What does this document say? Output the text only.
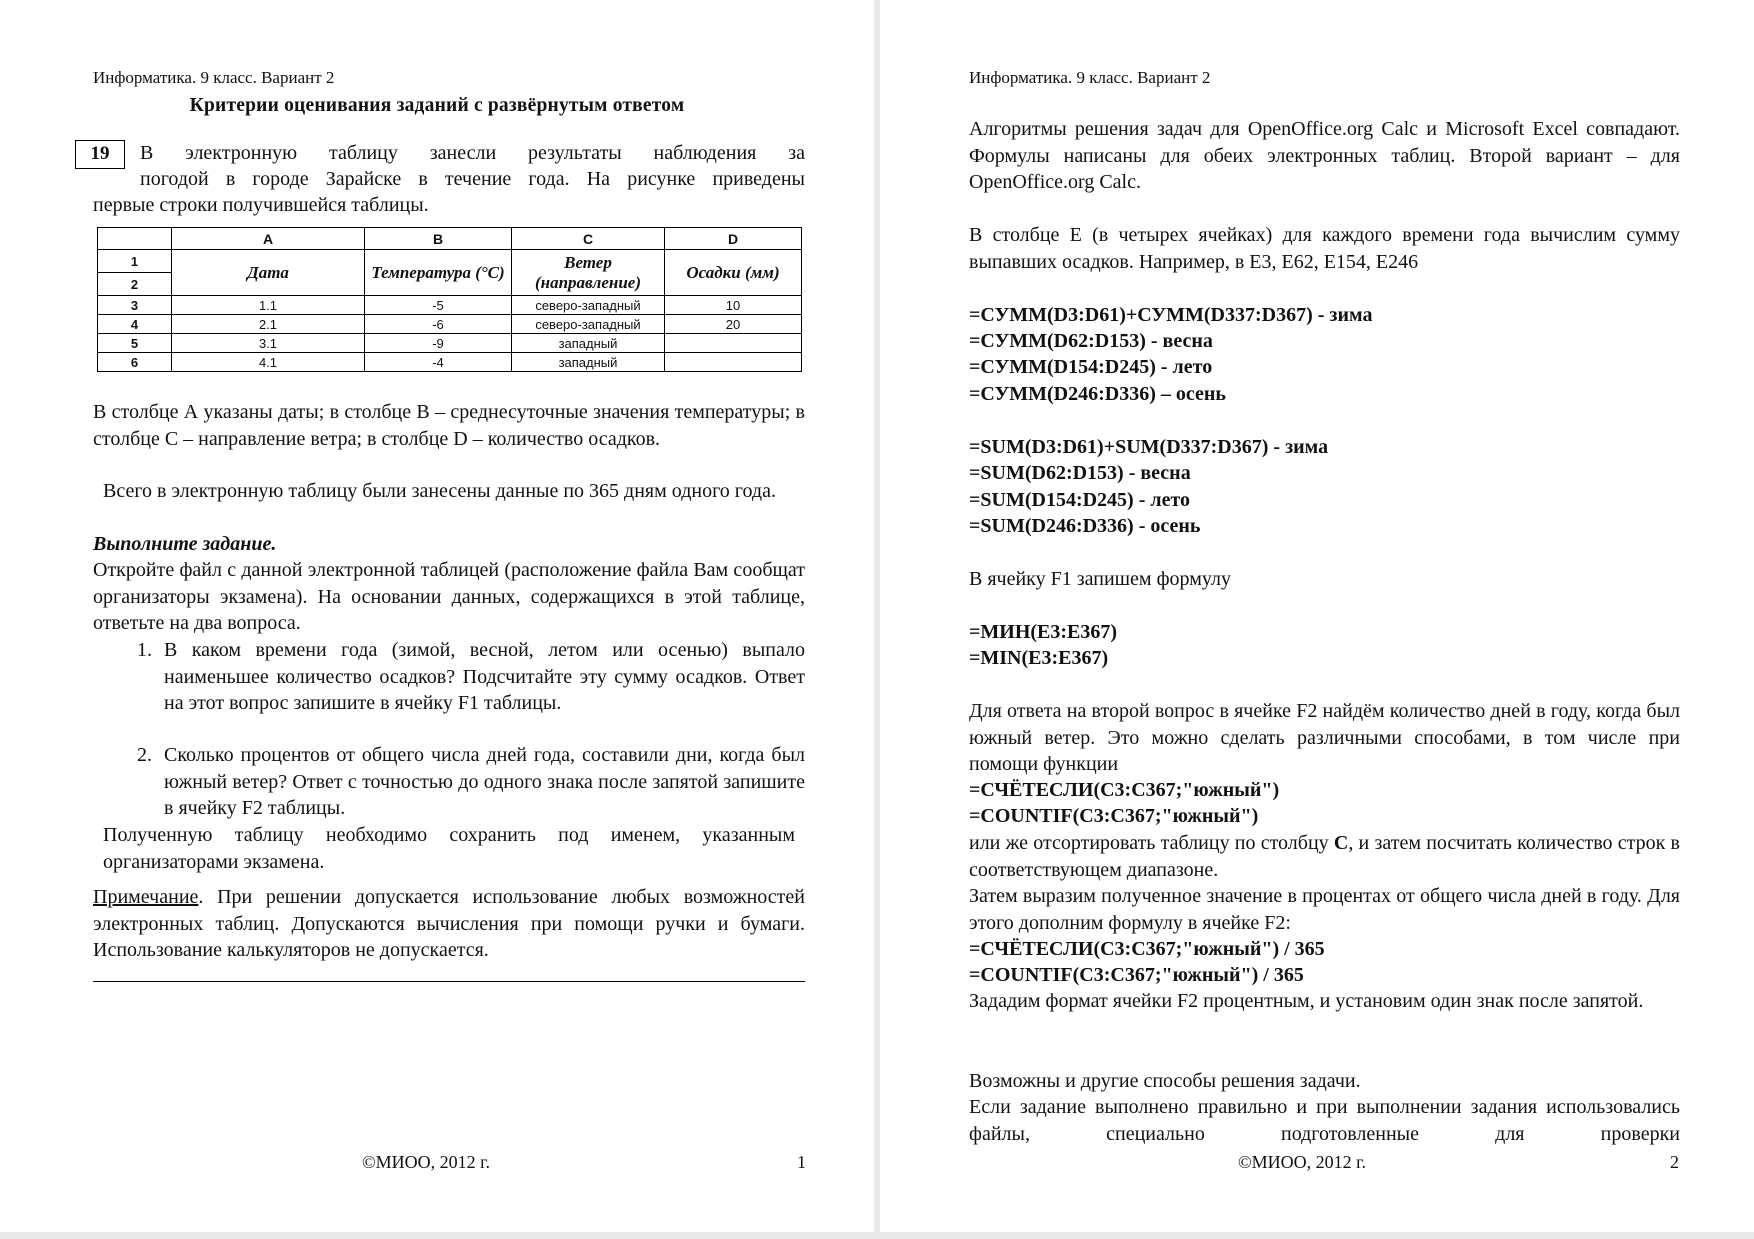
Информатика. 9 класс. Вариант 2
Критерии оценивания заданий с развёрнутым ответом
19	В электронную таблицу занесли результаты наблюдения за
погодой в городе Зарайске в течение года. На рисунке приведены
первые строки получившейся таблицы.
	A	B	C	D
1	Дата	Температура (°С)	Ветер (направление)	Осадки (мм)
2				
3	1.1	-5	северо-западный	10
4	2.1	-6	северо-западный	20
5	3.1	-9	западный	
6	4.1	-4	западный	
В столбце А указаны даты; в столбце В – среднесуточные значения температуры; в столбце С – направление ветра; в столбце D – количество осадков.
Всего в электронную таблицу были занесены данные по 365 дням одного года.
Выполните задание.
Откройте файл с данной электронной таблицей (расположение файла Вам сообщат организаторы экзамена). На основании данных, содержащихся в этой таблице, ответьте на два вопроса.
1. В каком времени года (зимой, весной, летом или осенью) выпало наименьшее количество осадков? Подсчитайте эту сумму осадков. Ответ на этот вопрос запишите в ячейку F1 таблицы.
2. Сколько процентов от общего числа дней года, составили дни, когда был южный ветер? Ответ с точностью до одного знака после запятой запишите в ячейку F2 таблицы.
Полученную таблицу необходимо сохранить под именем, указанным организаторами экзамена.
Примечание. При решении допускается использование любых возможностей электронных таблиц. Допускаются вычисления при помощи ручки и бумаги. Использование калькуляторов не допускается.
©МИОО, 2012 г.	1
Информатика. 9 класс. Вариант 2
Алгоритмы решения задач для OpenOffice.org Calc и Microsoft Excel совпадают. Формулы написаны для обеих электронных таблиц. Второй вариант – для OpenOffice.org Calc.
В столбце Е (в четырех ячейках) для каждого времени года вычислим сумму выпавших осадков. Например, в Е3, Е62, Е154, Е246
=СУММ(D3:D61)+СУММ(D337:D367) - зима
=СУММ(D62:D153) - весна
=СУММ(D154:D245) - лето
=СУММ(D246:D336) – осень
=SUM(D3:D61)+SUM(D337:D367) - зима
=SUM(D62:D153) - весна
=SUM(D154:D245) - лето
=SUM(D246:D336) - осень
В ячейку F1 запишем формулу
=МИН(E3:E367)
=MIN(E3:E367)
Для ответа на второй вопрос в ячейке F2 найдём количество дней в году, когда был южный ветер. Это можно сделать различными способами, в том числе при помощи функции
=СЧЁТЕСЛИ(C3:C367;"южный")
=COUNTIF(C3:C367;"южный")
или же отсортировать таблицу по столбцу С, и затем посчитать количество строк в соответствующем диапазоне.
Затем выразим полученное значение в процентах от общего числа дней в году. Для этого дополним формулу в ячейке F2:
=СЧЁТЕСЛИ(C3:C367;"южный") / 365
=COUNTIF(C3:C367;"южный") / 365
Зададим формат ячейки F2 процентным, и установим один знак после запятой.
Возможны и другие способы решения задачи.
Если задание выполнено правильно и при выполнении задания использовались файлы, специально подготовленные для проверки
©МИОО, 2012 г.	2
